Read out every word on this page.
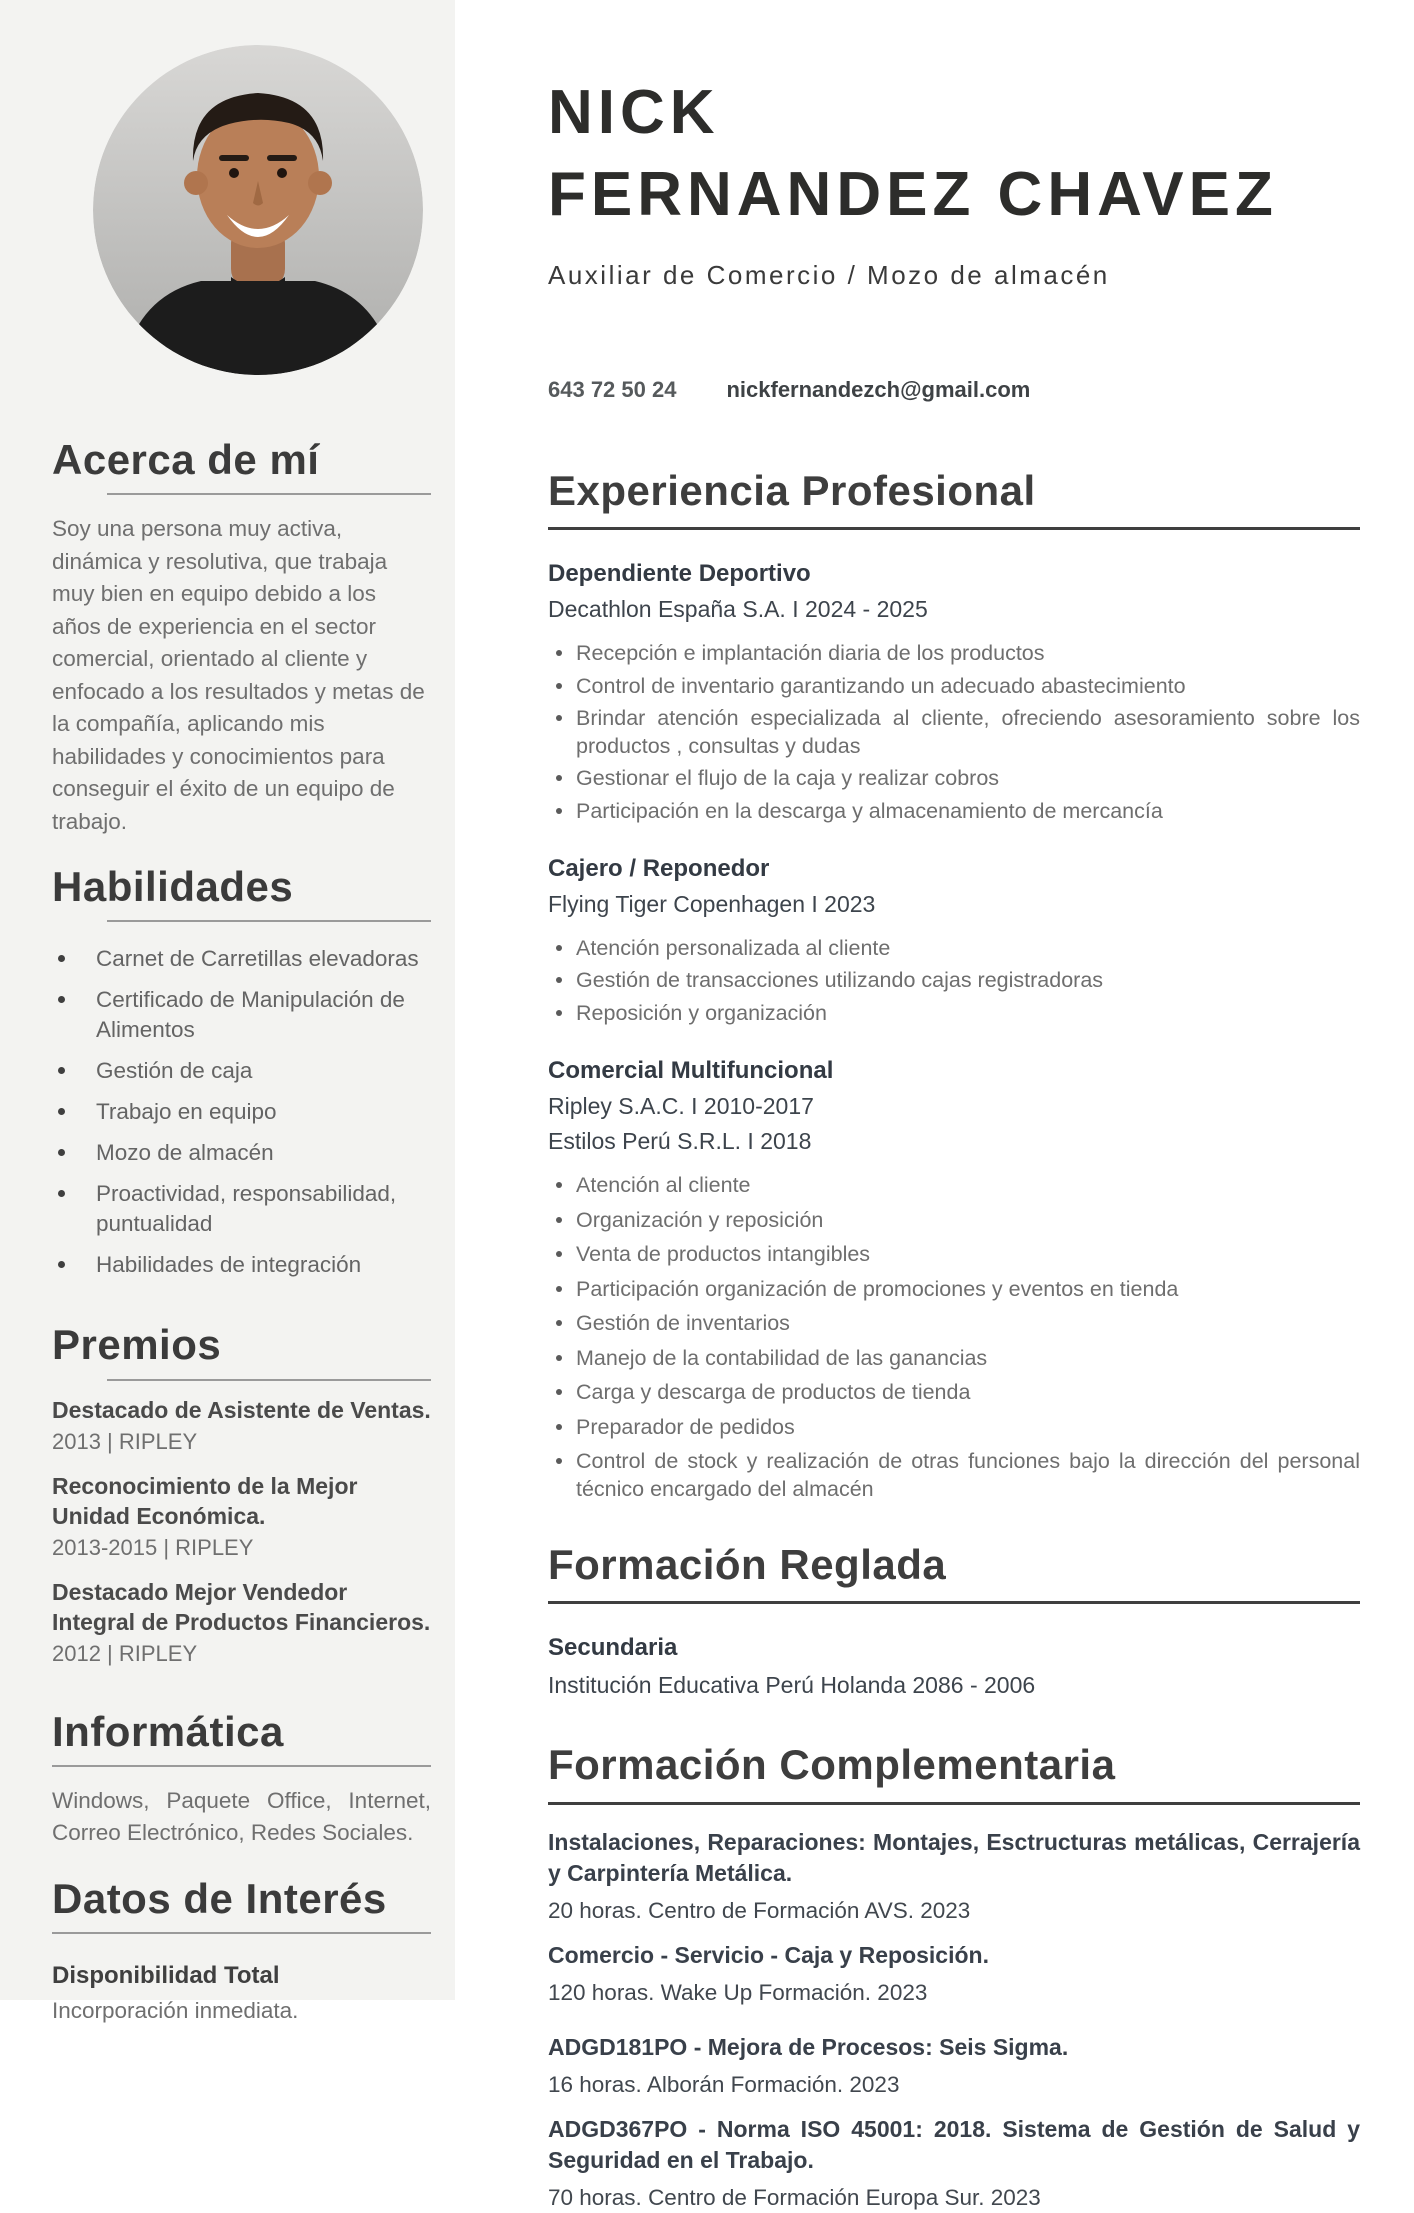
Acerca de mí

Soy una persona muy activa, dinámica y resolutiva, que trabaja muy bien en equipo debido a los años de experiencia en el sector comercial, orientado al cliente y enfocado a los resultados y metas de la compañía, aplicando mis habilidades y conocimientos para conseguir el éxito de un equipo de trabajo.

Habilidades
Carnet de Carretillas elevadoras
Certificado de Manipulación de Alimentos
Gestión de caja
Trabajo en equipo
Mozo de almacén
Proactividad, responsabilidad, puntualidad
Habilidades de integración
Premios
Destacado de Asistente de Ventas.
2013 | RIPLEY
Reconocimiento de la Mejor Unidad Económica.
2013-2015 | RIPLEY
Destacado Mejor Vendedor Integral de Productos Financieros.
2012 | RIPLEY
Informática

Windows, Paquete Office, Internet, Correo Electrónico, Redes Sociales.

Datos de Interés
Disponibilidad Total
Incorporación inmediata.
NICK
FERNANDEZ CHAVEZ
Auxiliar de Comercio / Mozo de almacén
643 72 50 24 nickfernandezch@gmail.com
Experiencia Profesional
Dependiente Deportivo
Decathlon España S.A. I 2024 - 2025
Recepción e implantación diaria de los productos
Control de inventario garantizando un adecuado abastecimiento
Brindar atención especializada al cliente, ofreciendo asesoramiento sobre los productos , consultas y dudas
Gestionar el flujo de la caja y realizar cobros
Participación en la descarga y almacenamiento de mercancía
Cajero / Reponedor
Flying Tiger Copenhagen I 2023
Atención personalizada al cliente
Gestión de transacciones utilizando cajas registradoras
Reposición y organización
Comercial Multifuncional
Ripley S.A.C. I 2010-2017
Estilos Perú S.R.L. I 2018
Atención al cliente
Organización y reposición
Venta de productos intangibles
Participación organización de promociones y eventos en tienda
Gestión de inventarios
Manejo de la contabilidad de las ganancias
Carga y descarga de productos de tienda
Preparador de pedidos
Control de stock y realización de otras funciones bajo la dirección del personal técnico encargado del almacén
Formación Reglada
Secundaria
Institución Educativa Perú Holanda 2086 - 2006
Formación Complementaria
Instalaciones, Reparaciones: Montajes, Esctructuras metálicas, Cerrajería y Carpintería Metálica.
20 horas. Centro de Formación AVS. 2023
Comercio - Servicio - Caja y Reposición.
120 horas. Wake Up Formación. 2023
ADGD181PO - Mejora de Procesos: Seis Sigma.
16 horas. Alborán Formación. 2023
ADGD367PO - Norma ISO 45001: 2018. Sistema de Gestión de Salud y Seguridad en el Trabajo.
70 horas. Centro de Formación Europa Sur. 2023
